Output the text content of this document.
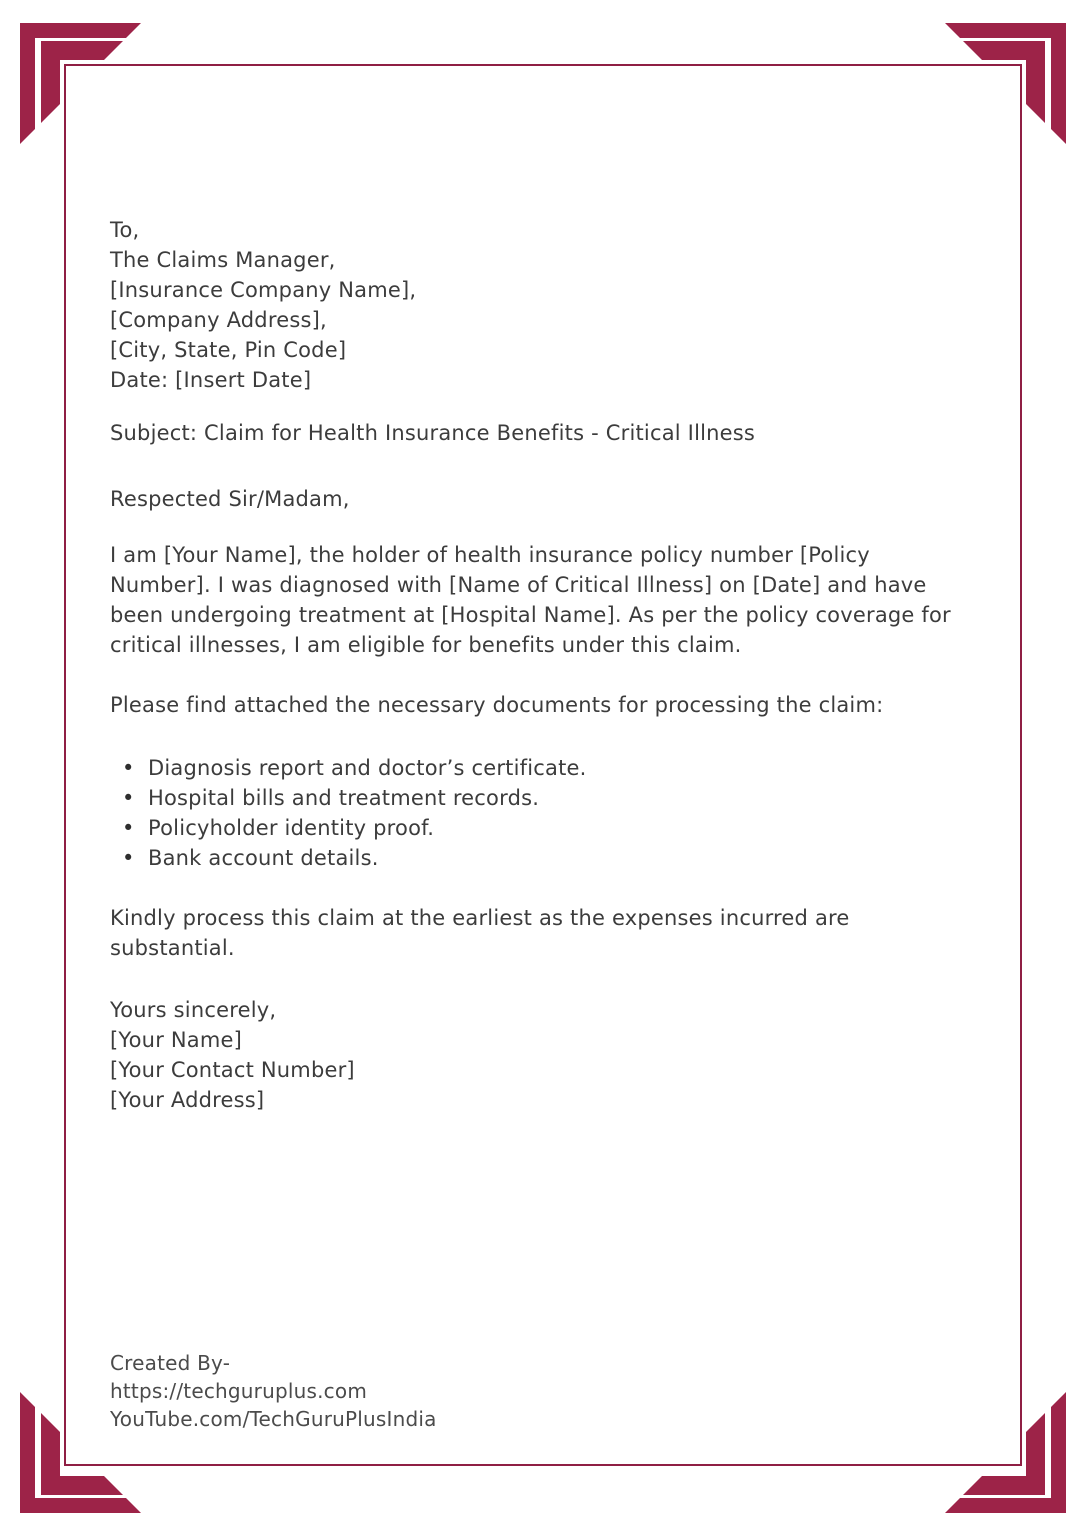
To,
The Claims Manager,
[Insurance Company Name],
[Company Address],
[City, State, Pin Code]
Date: [Insert Date]
Subject: Claim for Health Insurance Benefits - Critical Illness
Respected Sir/Madam,
I am [Your Name], the holder of health insurance policy number [Policy Number]. I was diagnosed with [Name of Critical Illness] on [Date] and have been undergoing treatment at [Hospital Name]. As per the policy coverage for critical illnesses, I am eligible for benefits under this claim.
Please find attached the necessary documents for processing the claim:
• Diagnosis report and doctor’s certificate.
• Hospital bills and treatment records.
• Policyholder identity proof.
• Bank account details.
Kindly process this claim at the earliest as the expenses incurred are substantial.
Yours sincerely,
[Your Name]
[Your Contact Number]
[Your Address]
Created By-
https://techguruplus.com
YouTube.com/TechGuruPlusIndia
